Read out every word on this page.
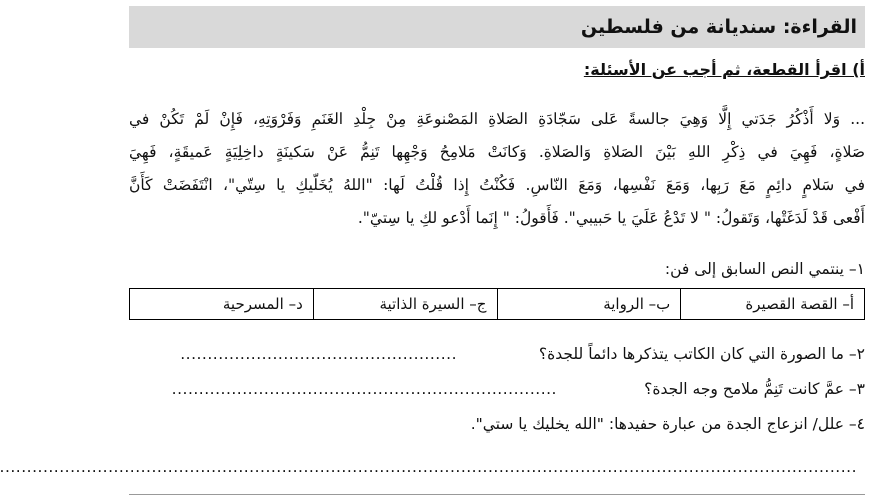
القراءة: سنديانة من فلسطين
أ) اقرأ القطعة، ثم أجب عن الأسئلة:
... وَلا أَذْكُرُ جَدَتي إِلَّا وَهِيَ جالسةً عَلى سَجّادَةِ الصَلاةِ المَصْنوعَةِ مِنْ جِلْدِ الغَنَمِ وَفَرْوَتِهِ، فَإِنْ لَمْ تَكُنْ في
صَلاةٍ، فَهِيَ في ذِكْرِ اللهِ بَيْنَ الصَلاةِ وَالصَلاةِ. وَكانَتْ مَلامِحُ وَجْهِها تَنِمُّ عَنْ سَكينَةٍ داخِلِيَةٍ عَميقَةٍ، فَهِيَ
في سَلامٍ دائِمٍ مَعَ رَبِها، وَمَعَ نَفْسِها، وَمَعَ النّاسِ. فَكُنْتُ إِذا قُلْتُ لَها: "اللهُ يُخَلّيكِ يا سِتّي"، انْتَفَضَتْ كَأَنَّ
أَفْعى قَدْ لَدَغَتْها، وَتَقولُ: " لا تَدْعُ عَلَيَ يا حَبيبي". فَأَقولُ: " إِنَما أَدْعو لكِ يا سِتيّ".
١– ينتمي النص السابق إلى فن:
أ– القصة القصيرة	ب– الرواية	ج– السيرة الذاتية	د– المسرحية
٢– ما الصورة التي كان الكاتب يتذكرها دائماً للجدة؟
...................................................
٣– عمَّ كانت تَنِمُّ ملامح وجه الجدة؟
.......................................................................
٤– علل/ انزعاج الجدة من عبارة حفيدها: "الله يخليك يا ستي".
..............................................................................................................................................................
